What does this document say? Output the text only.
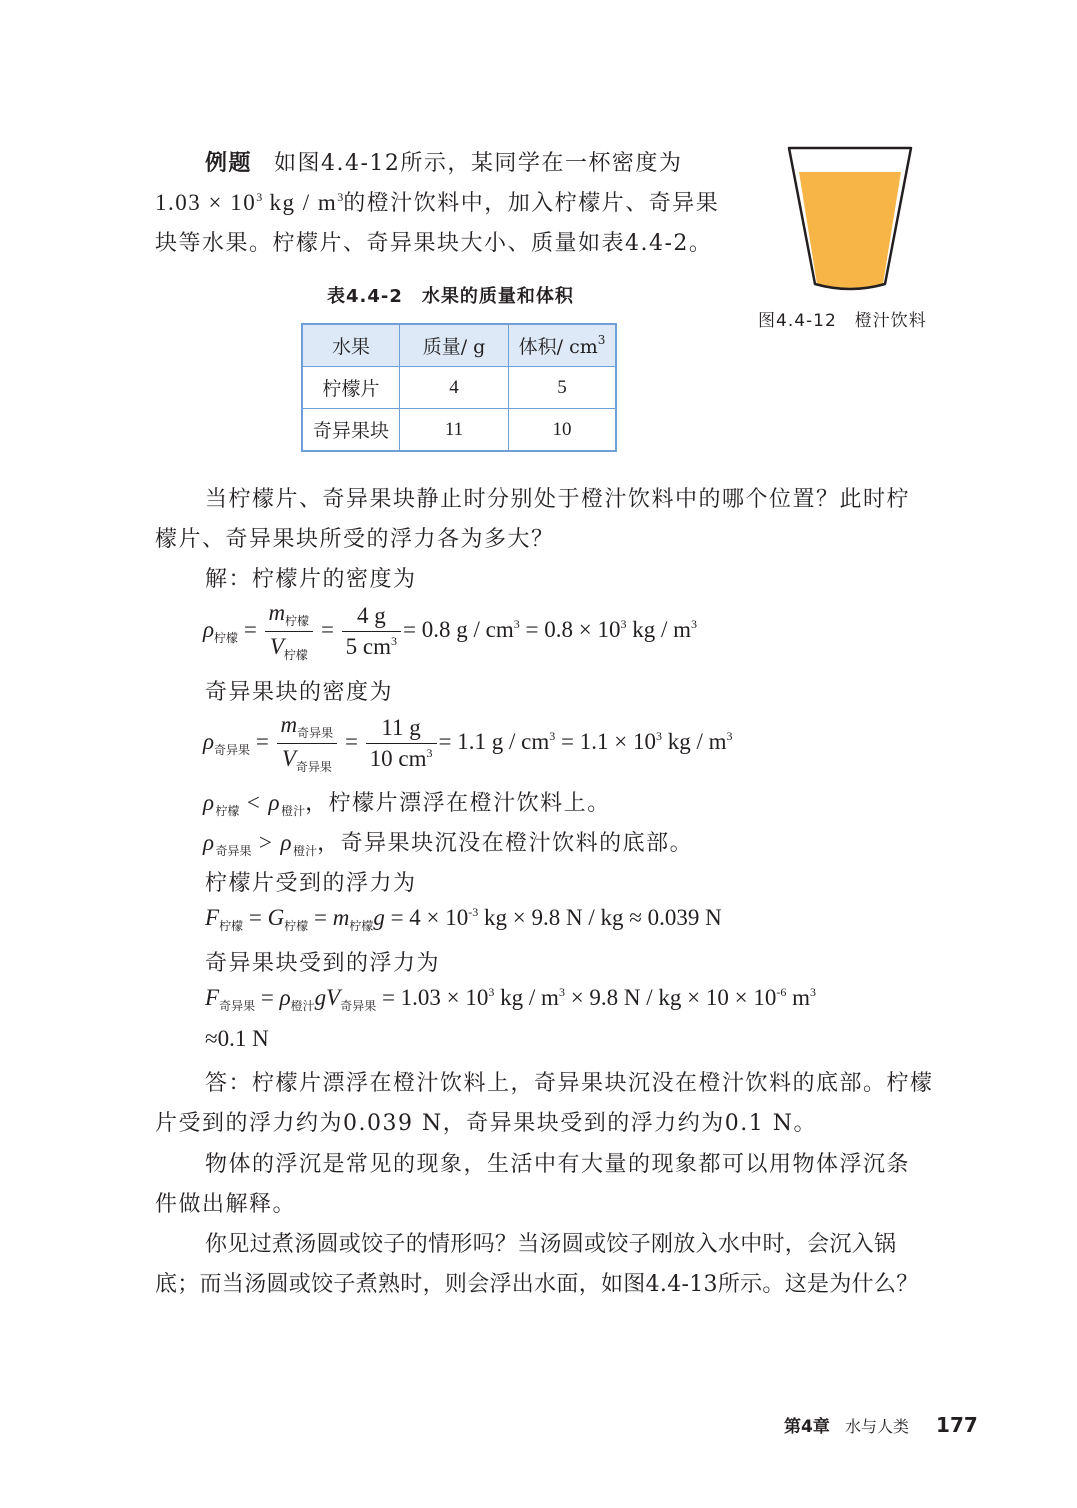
例题 如图4.4-12所示，某同学在一杯密度为
$1.03 \times 10^3$ kg / $m^3$的橙汁饮料中，加入柠檬片、奇异果
块等水果。柠檬片、奇异果块大小、质量如表4.4-2。
图4.4-12　橙汁饮料
表4.4-2　水果的质量和体积
水果	质量/ g	体积/ $cm^3$
柠檬片	4	5
奇异果块	11	10
当柠檬片、奇异果块静止时分别处于橙汁饮料中的哪个位置？此时柠
檬片、奇异果块所受的浮力各为多大？
解：柠檬片的密度为
$\rho_{柠檬} = \frac{m_{柠檬}}{V_{柠檬}} = \frac{4 g}{5 cm^3} = 0.8$ $g / cm^3 = 0.8 \times 10^3$ kg / $m^3$
奇异果块的密度为
$\rho_{奇异果} = \frac{m_{奇异果}}{V_{奇异果}} = \frac{11 g}{10 cm^3} = 1.1$ $g / cm^3 = 1.1 \times 10^3$ kg / $m^3$
$\rho_{柠檬} < \rho_{橙汁}$，柠檬片漂浮在橙汁饮料上。
$\rho_{奇异果} > \rho_{橙汁}$，奇异果块沉没在橙汁饮料的底部。
柠檬片受到的浮力为
$F_{柠檬} = G_{柠檬} = m_{柠檬}g = 4 \times 10^{-3}$ kg × 9.8 N / kg ≈ 0.039 N
奇异果块受到的浮力为
$F_{奇异果} = \rho_{橙汁}gV_{奇异果} = 1.03 \times 10^3$ kg / $m^3 \times 9.8$ N / kg × $10 \times 10^{-6}$ $m^3$
≈0.1 N
答：柠檬片漂浮在橙汁饮料上，奇异果块沉没在橙汁饮料的底部。柠檬
片受到的浮力约为0.039 N，奇异果块受到的浮力约为0.1 N。
物体的浮沉是常见的现象，生活中有大量的现象都可以用物体浮沉条
件做出解释。
你见过煮汤圆或饺子的情形吗？当汤圆或饺子刚放入水中时，会沉入锅
底；而当汤圆或饺子煮熟时，则会浮出水面，如图4.4-13所示。这是为什么？
第4章 水与人类 177
